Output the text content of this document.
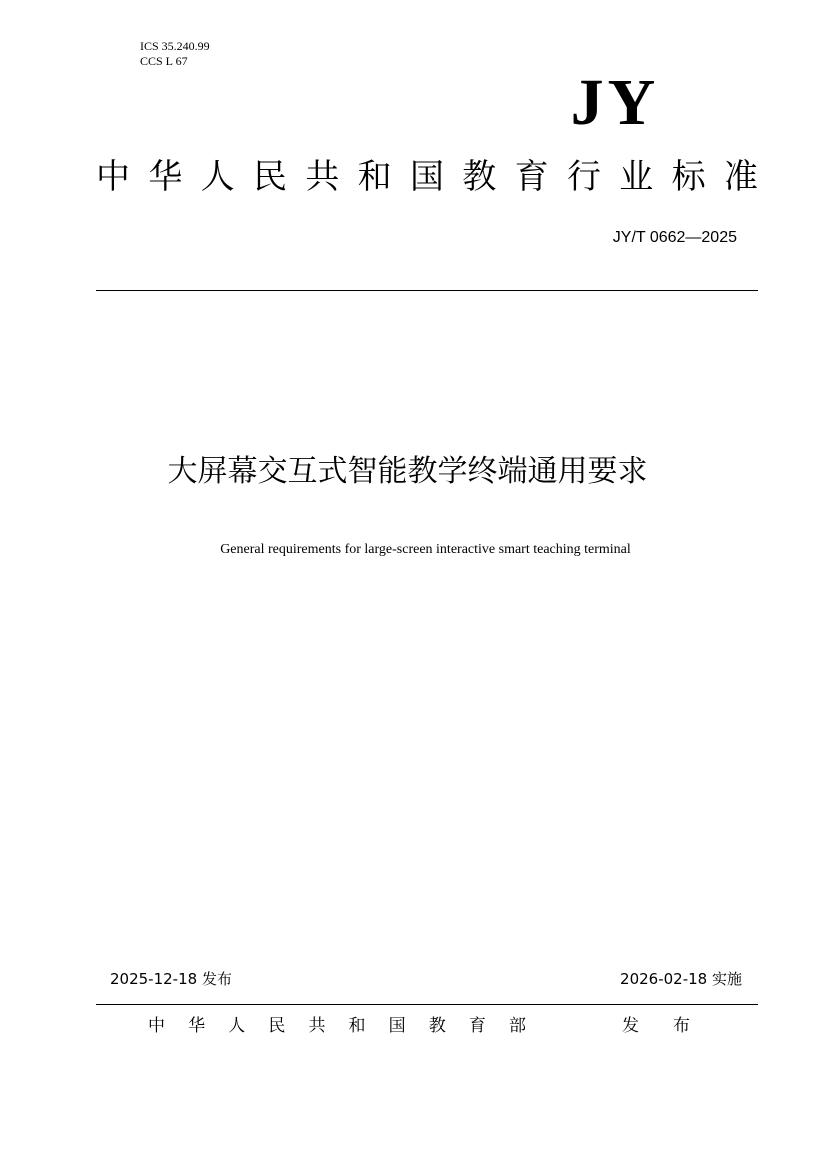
ICS 35.240.99
CCS L 67
JY
中 华 人 民 共 和 国 教 育 行 业 标 准
JY/T 0662—2025
大屏幕交互式智能教学终端通用要求
General requirements for large-screen interactive smart teaching terminal
2025-12-18 发布	2026-02-18 实施
中 华 人 民 共 和 国 教 育 部	发 布
